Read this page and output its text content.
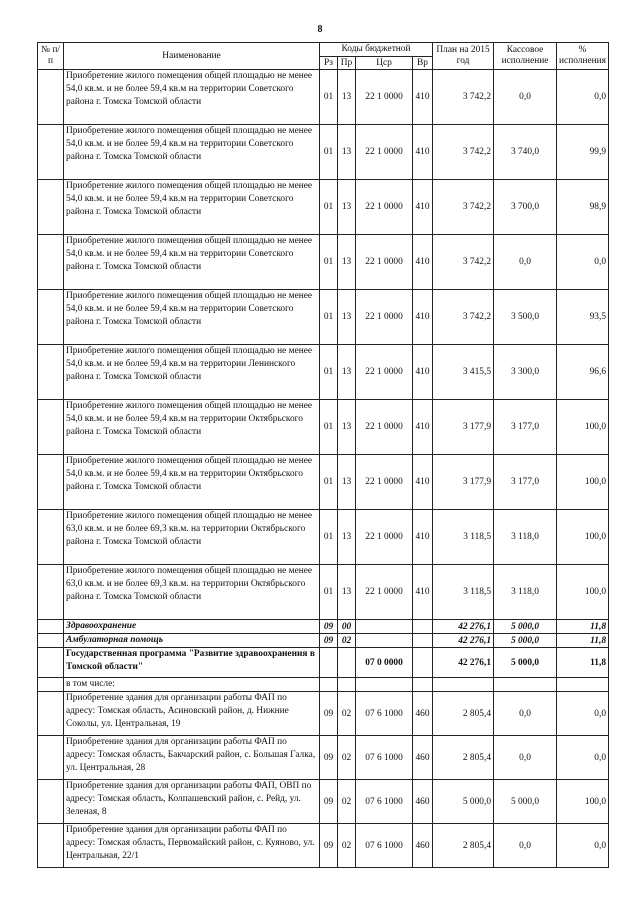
8
№ п/п	Наименование	Коды бюджетной				План на 2015 год	Кассовое исполнение	% исполнения
		Рз	Пр	Цср	Вр			
	Приобретение жилого помещения общей площадью не менее 54,0 кв.м. и не более 59,4 кв.м на территории Советского района г. Томска Томской области	01	13	22 1 0000	410	3 742,2	0,0	0,0
	Приобретение жилого помещения общей площадью не менее 54,0 кв.м. и не более 59,4 кв.м на территории Советского района г. Томска Томской области	01	13	22 1 0000	410	3 742,2	3 740,0	99,9
	Приобретение жилого помещения общей площадью не менее 54,0 кв.м. и не более 59,4 кв.м на территории Советского района г. Томска Томской области	01	13	22 1 0000	410	3 742,2	3 700,0	98,9
	Приобретение жилого помещения общей площадью не менее 54,0 кв.м. и не более 59,4 кв.м на территории Советского района г. Томска Томской области	01	13	22 1 0000	410	3 742,2	0,0	0,0
	Приобретение жилого помещения общей площадью не менее 54,0 кв.м. и не более 59,4 кв.м на территории Советского района г. Томска Томской области	01	13	22 1 0000	410	3 742,2	3 500,0	93,5
	Приобретение жилого помещения общей площадью не менее 54,0 кв.м. и не более 59,4 кв.м на территории Ленинского района г. Томска Томской области	01	13	22 1 0000	410	3 415,5	3 300,0	96,6
	Приобретение жилого помещения общей площадью не менее 54,0 кв.м. и не более 59,4 кв.м на территории Октябрьского района г. Томска Томской области	01	13	22 1 0000	410	3 177,9	3 177,0	100,0
	Приобретение жилого помещения общей площадью не менее 54,0 кв.м. и не более 59,4 кв.м на территории Октябрьского района г. Томска Томской области	01	13	22 1 0000	410	3 177,9	3 177,0	100,0
	Приобретение жилого помещения общей площадью не менее 63,0 кв.м. и не более 69,3 кв.м. на территории Октябрьского района г. Томска Томской области	01	13	22 1 0000	410	3 118,5	3 118,0	100,0
	Приобретение жилого помещения общей площадью не менее 63,0 кв.м. и не более 69,3 кв.м. на территории Октябрьского района г. Томска Томской области	01	13	22 1 0000	410	3 118,5	3 118,0	100,0
	Здравоохранение	09	00			42 276,1	5 000,0	11,8
	Амбулаторная помощь	09	02			42 276,1	5 000,0	11,8
	Государственная программа "Развитие здравоохранения в Томской области"			07 0 0000		42 276,1	5 000,0	11,8
	в том числе:							
	Приобретение здания для организации работы ФАП по адресу: Томская область, Асиновский район, д. Нижние Соколы, ул. Центральная, 19	09	02	07 6 1000	460	2 805,4	0,0	0,0
	Приобретение здания для организации работы ФАП по адресу: Томская область, Бакчарский район, с. Большая Галка, ул. Центральная, 28	09	02	07 6 1000	460	2 805,4	0,0	0,0
	Приобретение здания для организации работы ФАП, ОВП по адресу: Томская область, Колпашевский район, с. Рейд, ул. Зеленая, 8	09	02	07 6 1000	460	5 000,0	5 000,0	100,0
	Приобретение здания для организации работы ФАП по адресу: Томская область, Первомайский район, с. Куяново, ул. Центральная, 22/1	09	02	07 6 1000	460	2 805,4	0,0	0,0
